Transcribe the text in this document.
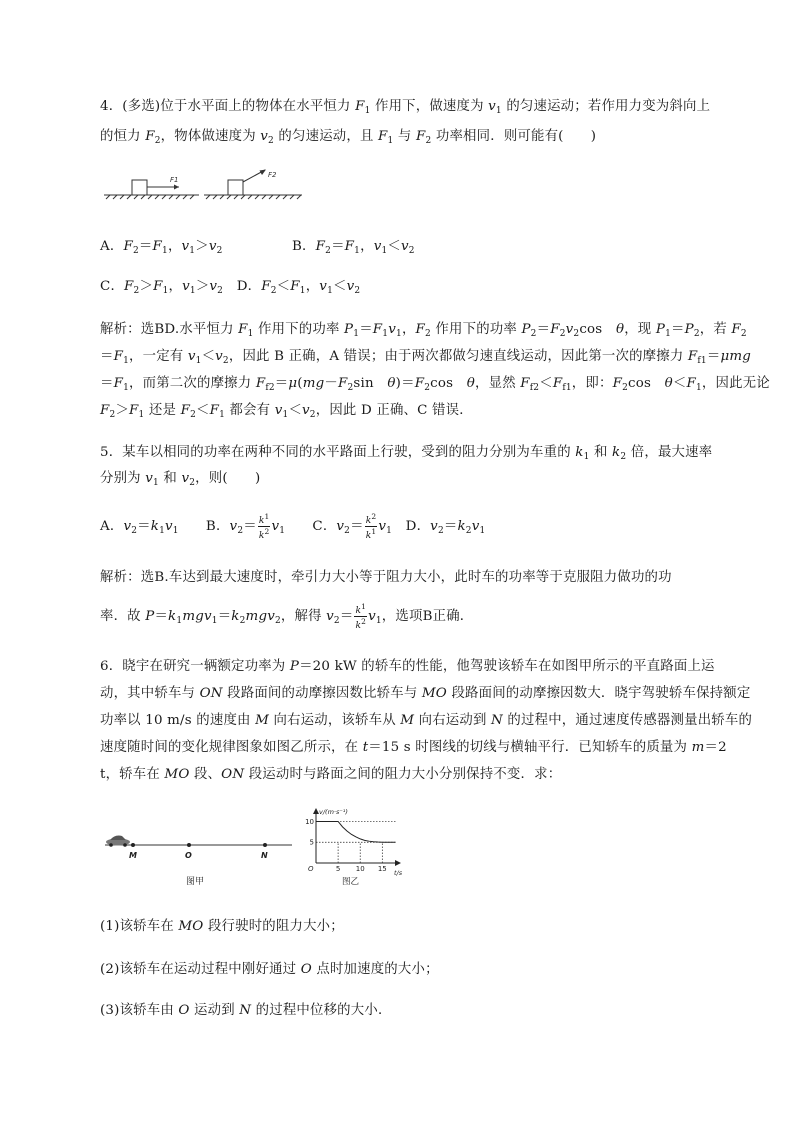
4．(多选)位于水平面上的物体在水平恒力 $F_1$ 作用下，做速度为 $v_1$ 的匀速运动；若作用力变为斜向上
的恒力 $F_2$，物体做速度为 $v_2$ 的匀速运动，且 $F_1$ 与 $F_2$ 功率相同．则可能有(　　)
F1
F2
A．$F_2=F_1$，$v_1>v_2$	B．$F_2=F_1$，$v_1<v_2$
C．$F_2>F_1$，$v_1>v_2$　D．$F_2<F_1$，$v_1<v_2$
解析：选BD.水平恒力 $F_1$ 作用下的功率 $P_1=F_1v_1$，$F_2$ 作用下的功率 $P_2=F_2v_2\cos$　θ，现 $P_1=P_2$，若 $F_2$
$=F_1$，一定有 $v_1<v_2$，因此 B 正确，A 错误；由于两次都做匀速直线运动，因此第一次的摩擦力 $F_{f1}=\mu mg$
$=F_1$，而第二次的摩擦力 $F_{f2}=\mu(mg-F_2\sin$　$\theta)=F_2\cos$　θ，显然 $F_{f2}<F_{f1}$，即：$F_2\cos$　$\theta<F_1$，因此无论
$F_2>F_1$ 还是 $F_2<F_1$ 都会有 $v_1<v_2$，因此 D 正确、C 错误．
5．某车以相同的功率在两种不同的水平路面上行驶，受到的阻力分别为车重的 $k_1$ 和 $k_2$ 倍，最大速率
分别为 $v_1$ 和 $v_2$，则(　　)
A．$v_2=k_1v_1$　　B．$v_2= \frac{k^1}{k^2} v_1$　　C．$v_2= \frac{k^2}{k^1} v_1$　D．$v_2=k_2v_1$
解析：选B.车达到最大速度时，牵引力大小等于阻力大小，此时车的功率等于克服阻力做功的功
率．故 $P=k_1mgv_1=k_2mgv_2$，解得 $v_2= \frac{k^1}{k^2} v_1$，选项B正确．
6．晓宇在研究一辆额定功率为 P＝20 kW 的轿车的性能，他驾驶该轿车在如图甲所示的平直路面上运
动，其中轿车与 ON 段路面间的动摩擦因数比轿车与 MO 段路面间的动摩擦因数大．晓宇驾驶轿车保持额定
功率以 10 m/s 的速度由 M 向右运动，该轿车从 M 向右运动到 N 的过程中，通过速度传感器测量出轿车的
速度随时间的变化规律图象如图乙所示，在 t＝15 s 时图线的切线与横轴平行．已知轿车的质量为 m＝2
t，轿车在 MO 段、ON 段运动时与路面之间的阻力大小分别保持不变．求：
M	O	N
图甲
v/(m·s⁻¹)
t/s
O
5
10
5 10 15
图乙
(1)该轿车在 MO 段行驶时的阻力大小；
(2)该轿车在运动过程中刚好通过 O 点时加速度的大小；
(3)该轿车由 O 运动到 N 的过程中位移的大小．
